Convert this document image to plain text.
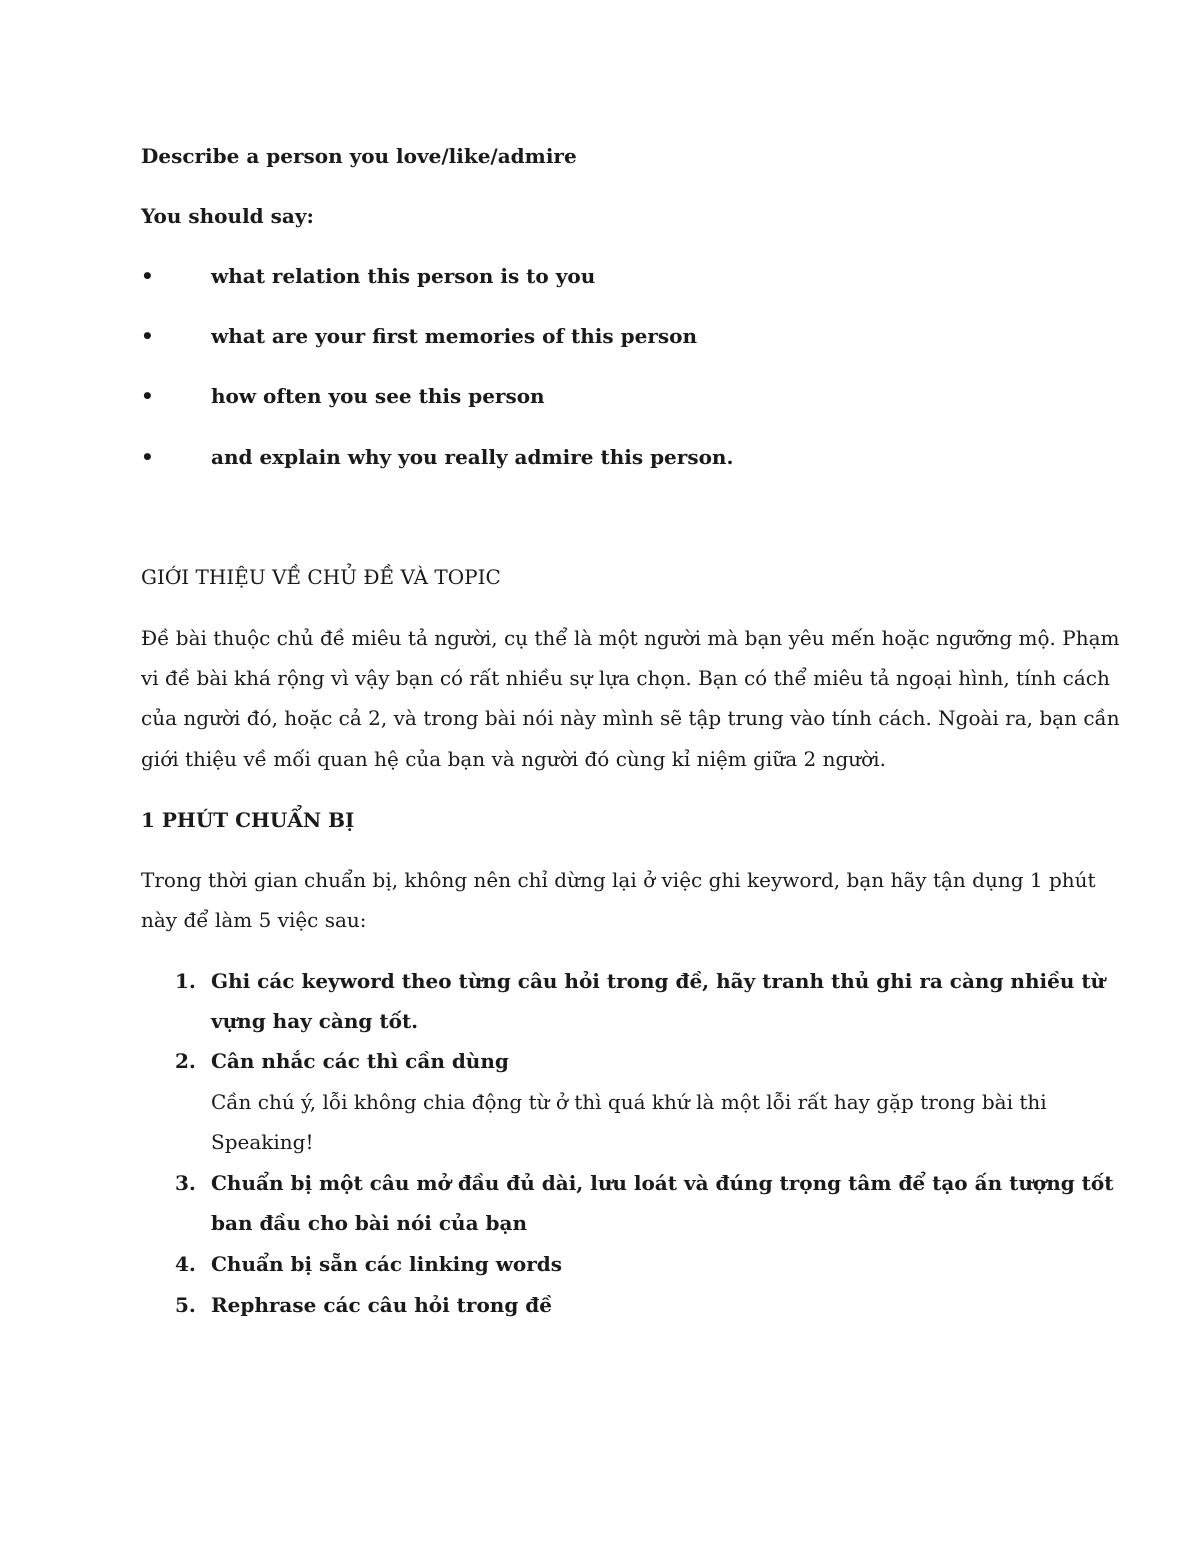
Describe a person you love/like/admire
You should say:
•	what relation this person is to you
•	what are your first memories of this person
•	how often you see this person
•	and explain why you really admire this person.
GIỚI THIỆU VỀ CHỦ ĐỀ VÀ TOPIC
Đề bài thuộc chủ đề miêu tả người, cụ thể là một người mà bạn yêu mến hoặc ngưỡng mộ. Phạm
vi đề bài khá rộng vì vậy bạn có rất nhiều sự lựa chọn. Bạn có thể miêu tả ngoại hình, tính cách
của người đó, hoặc cả 2, và trong bài nói này mình sẽ tập trung vào tính cách. Ngoài ra, bạn cần
giới thiệu về mối quan hệ của bạn và người đó cùng kỉ niệm giữa 2 người.
1 PHÚT CHUẨN BỊ
Trong thời gian chuẩn bị, không nên chỉ dừng lại ở việc ghi keyword, bạn hãy tận dụng 1 phút
này để làm 5 việc sau:
1. Ghi các keyword theo từng câu hỏi trong đề, hãy tranh thủ ghi ra càng nhiều từ
vựng hay càng tốt.
2. Cân nhắc các thì cần dùng
Cần chú ý, lỗi không chia động từ ở thì quá khứ là một lỗi rất hay gặp trong bài thi
Speaking!
3. Chuẩn bị một câu mở đầu đủ dài, lưu loát và đúng trọng tâm để tạo ấn tượng tốt
ban đầu cho bài nói của bạn
4. Chuẩn bị sẵn các linking words
5. Rephrase các câu hỏi trong đề
